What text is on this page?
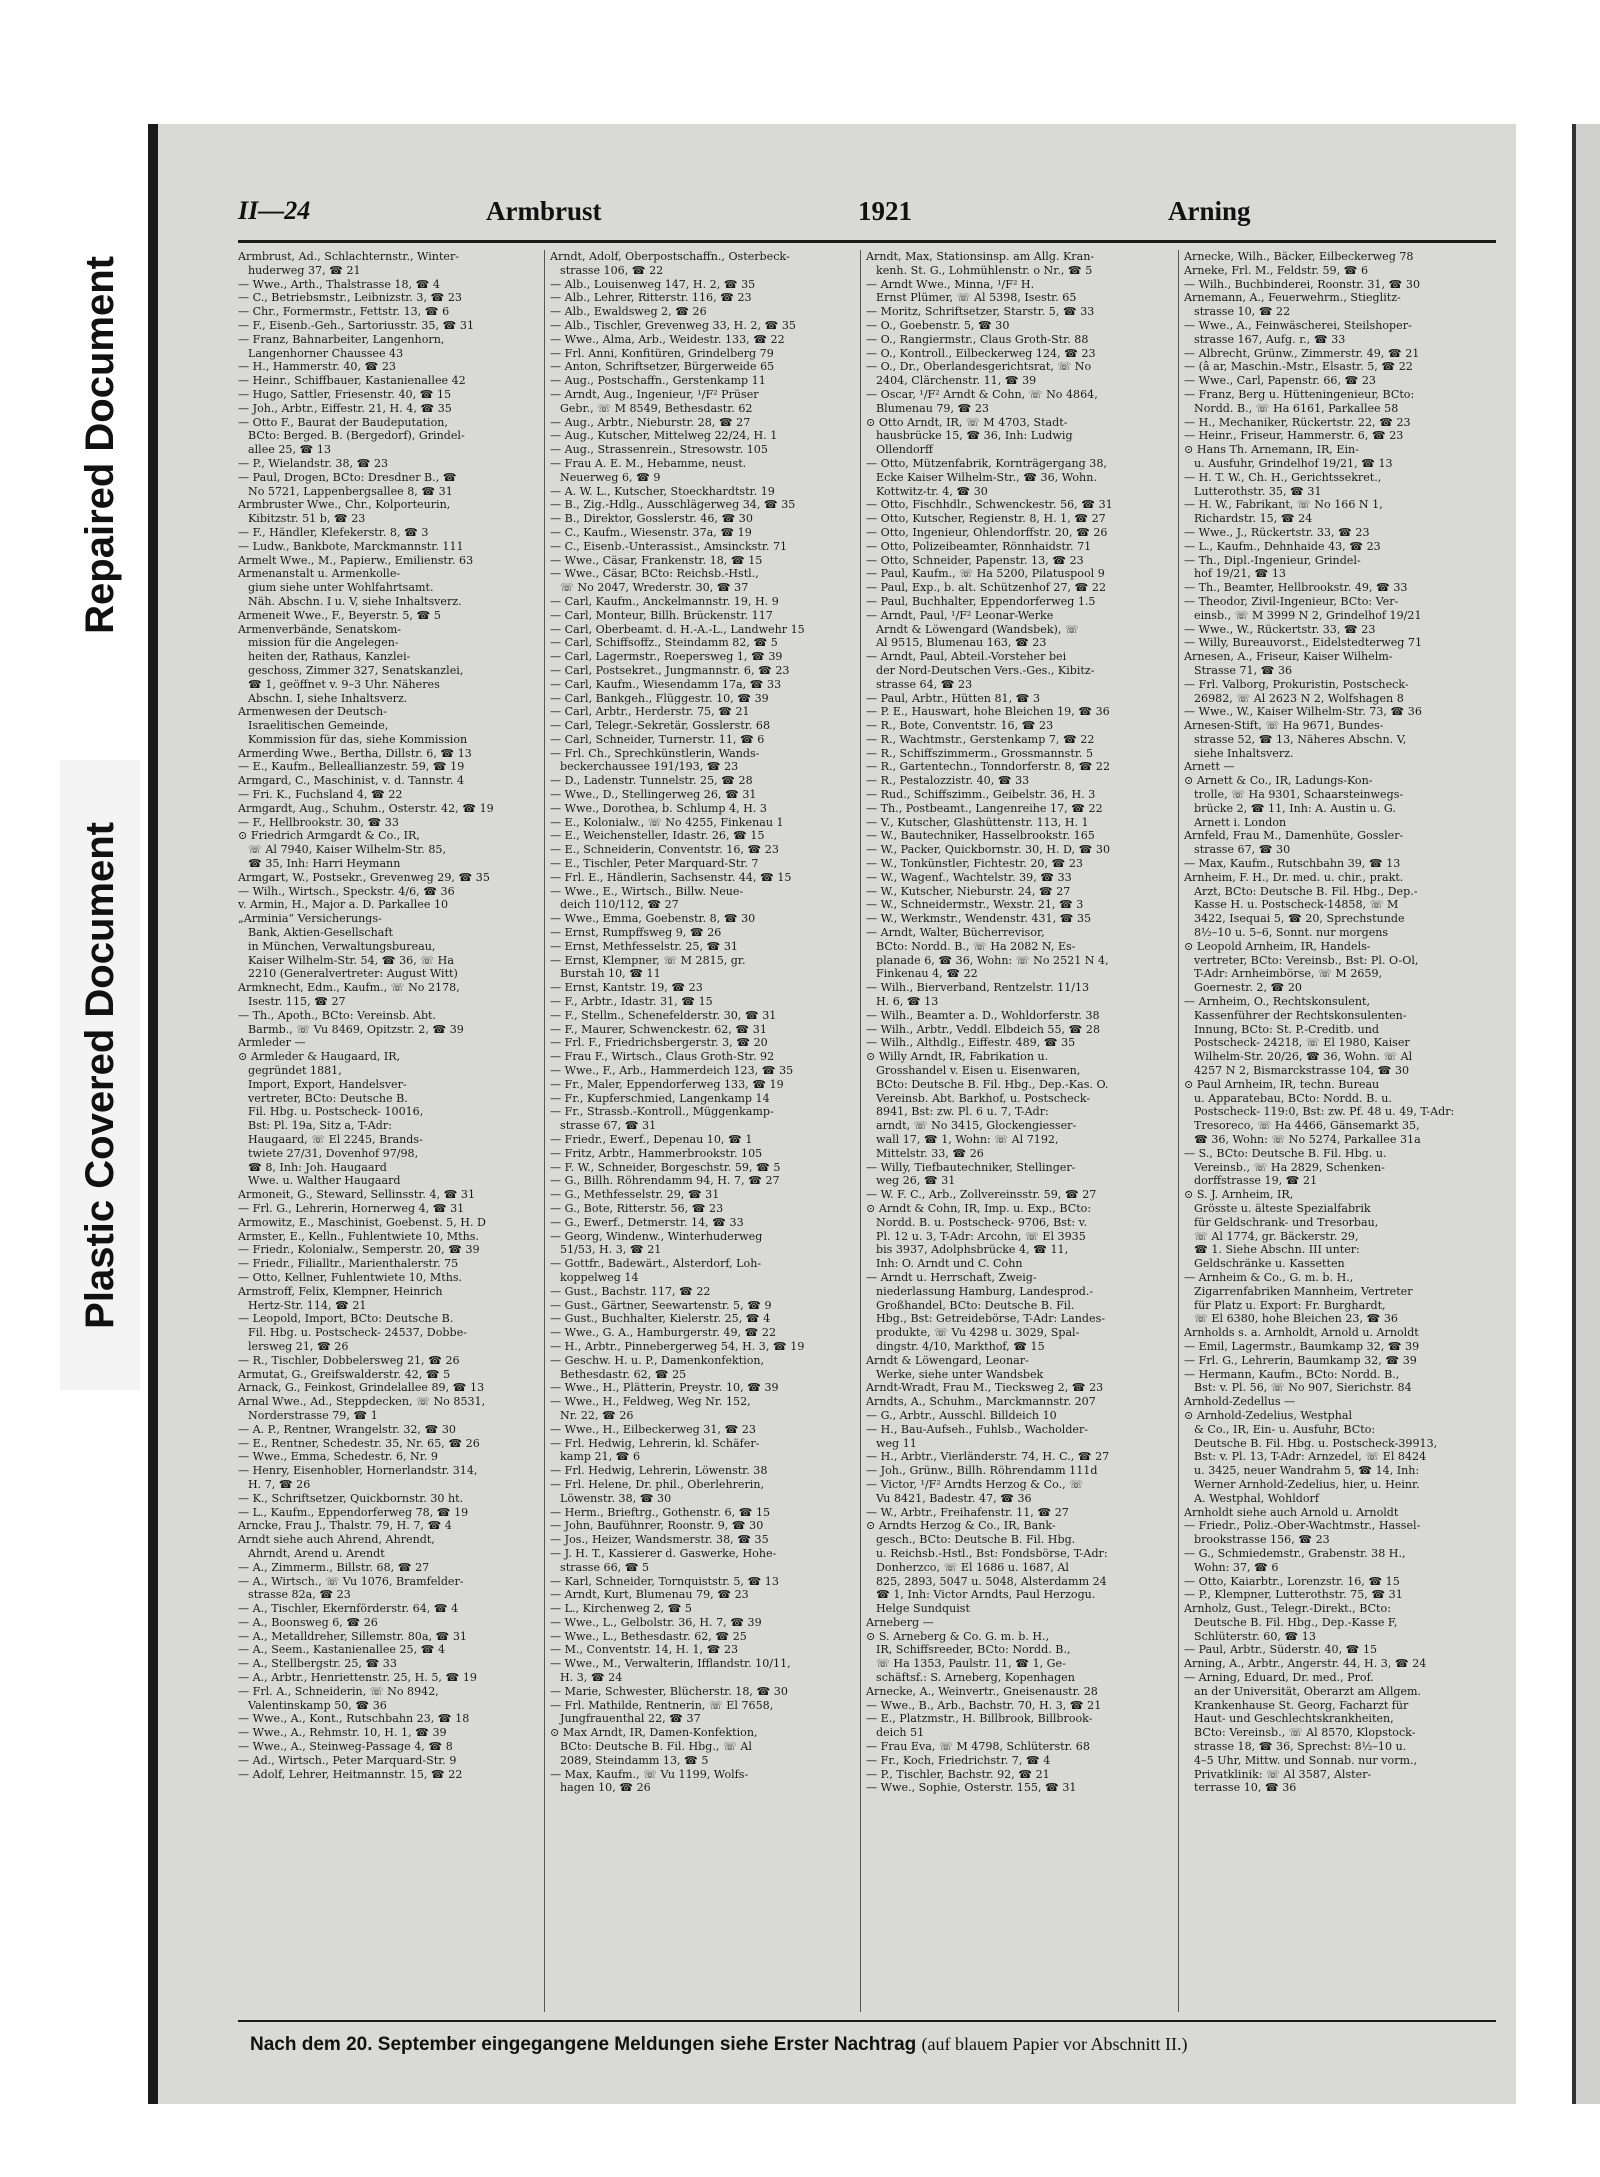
Repaired Document
Plastic Covered Document
II—24	Armbrust	1921	Arning
Armbrust, Ad., Schlachternstr., Winter-
huderweg 37, ☎ 21
— Wwe., Arth., Thalstrasse 18, ☎ 4
— C., Betriebsmstr., Leibnizstr. 3, ☎ 23
— Chr., Formermstr., Fettstr. 13, ☎ 6
— F., Eisenb.-Geh., Sartoriusstr. 35, ☎ 31
— Franz, Bahnarbeiter, Langenhorn,
Langenhorner Chaussee 43
— H., Hammerstr. 40, ☎ 23
— Heinr., Schiffbauer, Kastanienallee 42
— Hugo, Sattler, Friesenstr. 40, ☎ 15
— Joh., Arbtr., Eiffestr. 21, H. 4, ☎ 35
— Otto F., Baurat der Baudeputation,
BCto: Berged. B. (Bergedorf), Grindel-
allee 25, ☎ 13
— P., Wielandstr. 38, ☎ 23
— Paul, Drogen, BCto: Dresdner B., ☎
No 5721, Lappenbergsallee 8, ☎ 31
Armbruster Wwe., Chr., Kolporteurin,
Kibitzstr. 51 b, ☎ 23
— F., Händler, Klefekerstr. 8, ☎ 3
— Ludw., Bankbote, Marckmannstr. 111
Armelt Wwe., M., Papierw., Emilienstr. 63
Armenanstalt u. Armenkolle-
gium siehe unter Wohlfahrtsamt.
Näh. Abschn. I u. V, siehe Inhaltsverz.
Armeneit Wwe., F., Beyerstr. 5, ☎ 5
Armenverbände, Senatskom-
mission für die Angelegen-
heiten der, Rathaus, Kanzlei-
geschoss, Zimmer 327, Senatskanzlei,
☎ 1, geöffnet v. 9–3 Uhr. Näheres
Abschn. I, siehe Inhaltsverz.
Armenwesen der Deutsch-
Israelitischen Gemeinde,
Kommission für das, siehe Kommission
Armerding Wwe., Bertha, Dillstr. 6, ☎ 13
— E., Kaufm., Belleallianzestr. 59, ☎ 19
Armgard, C., Maschinist, v. d. Tannstr. 4
— Fri. K., Fuchsland 4, ☎ 22
Armgardt, Aug., Schuhm., Osterstr. 42, ☎ 19
— F., Hellbrookstr. 30, ☎ 33
⊙ Friedrich Armgardt & Co., IR,
☏ Al 7940, Kaiser Wilhelm-Str. 85,
☎ 35, Inh: Harri Heymann
Armgart, W., Postsekr., Grevenweg 29, ☎ 35
— Wilh., Wirtsch., Speckstr. 4/6, ☎ 36
v. Armin, H., Major a. D. Parkallee 10
„Arminia“ Versicherungs-
Bank, Aktien-Gesellschaft
in München, Verwaltungsbureau,
Kaiser Wilhelm-Str. 54, ☎ 36, ☏ Ha
2210 (Generalvertreter: August Witt)
Armknecht, Edm., Kaufm., ☏ No 2178,
Isestr. 115, ☎ 27
— Th., Apoth., BCto: Vereinsb. Abt.
Barmb., ☏ Vu 8469, Opitzstr. 2, ☎ 39
Armleder —
⊙ Armleder & Haugaard, IR,
gegründet 1881,
Import, Export, Handelsver-
vertreter, BCto: Deutsche B.
Fil. Hbg. u. Postscheck- 10016,
Bst: Pl. 19a, Sitz a, T-Adr:
Haugaard, ☏ El 2245, Brands-
twiete 27/31, Dovenhof 97/98,
☎ 8, Inh: Joh. Haugaard
Wwe. u. Walther Haugaard
Armoneit, G., Steward, Sellinsstr. 4, ☎ 31
— Frl. G., Lehrerin, Hornerweg 4, ☎ 31
Armowitz, E., Maschinist, Goebenst. 5, H. D
Armster, E., Kelln., Fuhlentwiete 10, Mths.
— Friedr., Kolonialw., Semperstr. 20, ☎ 39
— Friedr., Filialltr., Marienthalerstr. 75
— Otto, Kellner, Fuhlentwiete 10, Mths.
Armstroff, Felix, Klempner, Heinrich
Hertz-Str. 114, ☎ 21
— Leopold, Import, BCto: Deutsche B.
Fil. Hbg. u. Postscheck- 24537, Dobbe-
lersweg 21, ☎ 26
— R., Tischler, Dobbelersweg 21, ☎ 26
Armutat, G., Greifswalderstr. 42, ☎ 5
Arnack, G., Feinkost, Grindelallee 89, ☎ 13
Arnal Wwe., Ad., Steppdecken, ☏ No 8531,
Norderstrasse 79, ☎ 1
— A. P., Rentner, Wrangelstr. 32, ☎ 30
— E., Rentner, Schedestr. 35, Nr. 65, ☎ 26
— Wwe., Emma, Schedestr. 6, Nr. 9
— Henry, Eisenhobler, Hornerlandstr. 314,
H. 7, ☎ 26
— K., Schriftsetzer, Quickbornstr. 30 ht.
— L., Kaufm., Eppendorferweg 78, ☎ 19
Arncke, Frau J., Thalstr. 79, H. 7, ☎ 4
Arndt siehe auch Ahrend, Ahrendt,
Ahrndt, Arend u. Arendt
— A., Zimmerm., Billstr. 68, ☎ 27
— A., Wirtsch., ☏ Vu 1076, Bramfelder-
strasse 82a, ☎ 23
— A., Tischler, Ekernförderstr. 64, ☎ 4
— A., Boonsweg 6, ☎ 26
— A., Metalldreher, Sillemstr. 80a, ☎ 31
— A., Seem., Kastanienallee 25, ☎ 4
— A., Stellbergstr. 25, ☎ 33
— A., Arbtr., Henriettenstr. 25, H. 5, ☎ 19
— Frl. A., Schneiderin, ☏ No 8942,
Valentinskamp 50, ☎ 36
— Wwe., A., Kont., Rutschbahn 23, ☎ 18
— Wwe., A., Rehmstr. 10, H. 1, ☎ 39
— Wwe., A., Steinweg-Passage 4, ☎ 8
— Ad., Wirtsch., Peter Marquard-Str. 9
— Adolf, Lehrer, Heitmannstr. 15, ☎ 22
Arndt, Adolf, Oberpostschaffn., Osterbeck-
strasse 106, ☎ 22
— Alb., Louisenweg 147, H. 2, ☎ 35
— Alb., Lehrer, Ritterstr. 116, ☎ 23
— Alb., Ewaldsweg 2, ☎ 26
— Alb., Tischler, Grevenweg 33, H. 2, ☎ 35
— Wwe., Alma, Arb., Weidestr. 133, ☎ 22
— Frl. Anni, Konfitüren, Grindelberg 79
— Anton, Schriftsetzer, Bürgerweide 65
— Aug., Postschaffn., Gerstenkamp 11
— Arndt, Aug., Ingenieur, ¹/F² Prüser
Gebr., ☏ M 8549, Bethesdastr. 62
— Aug., Arbtr., Nieburstr. 28, ☎ 27
— Aug., Kutscher, Mittelweg 22/24, H. 1
— Aug., Strassenrein., Stresowstr. 105
— Frau A. E. M., Hebamme, neust.
Neuerweg 6, ☎ 9
— A. W. L., Kutscher, Stoeckhardtstr. 19
— B., Zig.-Hdlg., Ausschlägerweg 34, ☎ 35
— B., Direktor, Gosslerstr. 46, ☎ 30
— C., Kaufm., Wiesenstr. 37a, ☎ 19
— C., Eisenb.-Unterassist., Amsinckstr. 71
— Wwe., Cäsar, Frankenstr. 18, ☎ 15
— Wwe., Cäsar, BCto: Reichsb.-Hstl.,
☏ No 2047, Wrederstr. 30, ☎ 37
— Carl, Kaufm., Anckelmannstr. 19, H. 9
— Carl, Monteur, Billh. Brückenstr. 117
— Carl, Oberbeamt. d. H.-A.-L., Landwehr 15
— Carl, Schiffsoffz., Steindamm 82, ☎ 5
— Carl, Lagermstr., Roepersweg 1, ☎ 39
— Carl, Postsekret., Jungmannstr. 6, ☎ 23
— Carl, Kaufm., Wiesendamm 17a, ☎ 33
— Carl, Bankgeh., Flüggestr. 10, ☎ 39
— Carl, Arbtr., Herderstr. 75, ☎ 21
— Carl, Telegr.-Sekretär, Gosslerstr. 68
— Carl, Schneider, Turnerstr. 11, ☎ 6
— Frl. Ch., Sprechkünstlerin, Wands-
beckerchaussee 191/193, ☎ 23
— D., Ladenstr. Tunnelstr. 25, ☎ 28
— Wwe., D., Stellingerweg 26, ☎ 31
— Wwe., Dorothea, b. Schlump 4, H. 3
— E., Kolonialw., ☏ No 4255, Finkenau 1
— E., Weichensteller, Idastr. 26, ☎ 15
— E., Schneiderin, Conventstr. 16, ☎ 23
— E., Tischler, Peter Marquard-Str. 7
— Frl. E., Händlerin, Sachsenstr. 44, ☎ 15
— Wwe., E., Wirtsch., Billw. Neue-
deich 110/112, ☎ 27
— Wwe., Emma, Goebenstr. 8, ☎ 30
— Ernst, Rumpffsweg 9, ☎ 26
— Ernst, Methfesselstr. 25, ☎ 31
— Ernst, Klempner, ☏ M 2815, gr.
Burstah 10, ☎ 11
— Ernst, Kantstr. 19, ☎ 23
— F., Arbtr., Idastr. 31, ☎ 15
— F., Stellm., Schenefelderstr. 30, ☎ 31
— F., Maurer, Schwenckestr. 62, ☎ 31
— Frl. F., Friedrichsbergerstr. 3, ☎ 20
— Frau F., Wirtsch., Claus Groth-Str. 92
— Wwe., F., Arb., Hammerdeich 123, ☎ 35
— Fr., Maler, Eppendorferweg 133, ☎ 19
— Fr., Kupferschmied, Langenkamp 14
— Fr., Strassb.-Kontroll., Müggenkamp-
strasse 67, ☎ 31
— Friedr., Ewerf., Depenau 10, ☎ 1
— Fritz, Arbtr., Hammerbrookstr. 105
— F. W., Schneider, Borgeschstr. 59, ☎ 5
— G., Billh. Röhrendamm 94, H. 7, ☎ 27
— G., Methfesselstr. 29, ☎ 31
— G., Bote, Ritterstr. 56, ☎ 23
— G., Ewerf., Detmerstr. 14, ☎ 33
— Georg, Windenw., Winterhuderweg
51/53, H. 3, ☎ 21
— Gottfr., Badewärt., Alsterdorf, Loh-
koppelweg 14
— Gust., Bachstr. 117, ☎ 22
— Gust., Gärtner, Seewartenstr. 5, ☎ 9
— Gust., Buchhalter, Kielerstr. 25, ☎ 4
— Wwe., G. A., Hamburgerstr. 49, ☎ 22
— H., Arbtr., Pinnebergerweg 54, H. 3, ☎ 19
— Geschw. H. u. P., Damenkonfektion,
Bethesdastr. 62, ☎ 25
— Wwe., H., Plätterin, Preystr. 10, ☎ 39
— Wwe., H., Feldweg, Weg Nr. 152,
Nr. 22, ☎ 26
— Wwe., H., Eilbeckerweg 31, ☎ 23
— Frl. Hedwig, Lehrerin, kl. Schäfer-
kamp 21, ☎ 6
— Frl. Hedwig, Lehrerin, Löwenstr. 38
— Frl. Helene, Dr. phil., Oberlehrerin,
Löwenstr. 38, ☎ 30
— Herm., Brieftrg., Gothenstr. 6, ☎ 15
— John, Baufühnrer, Roonstr. 9, ☎ 30
— Jos., Heizer, Wandsmerstr. 38, ☎ 35
— J. H. T., Kassierer d. Gaswerke, Hohe-
strasse 66, ☎ 5
— Karl, Schneider, Tornquiststr. 5, ☎ 13
— Arndt, Kurt, Blumenau 79, ☎ 23
— L., Kirchenweg 2, ☎ 5
— Wwe., L., Gelbolstr. 36, H. 7, ☎ 39
— Wwe., L., Bethesdastr. 62, ☎ 25
— M., Conventstr. 14, H. 1, ☎ 23
— Wwe., M., Verwalterin, Ifflandstr. 10/11,
H. 3, ☎ 24
— Marie, Schwester, Blücherstr. 18, ☎ 30
— Frl. Mathilde, Rentnerin, ☏ El 7658,
Jungfrauenthal 22, ☎ 37
⊙ Max Arndt, IR, Damen-Konfektion,
BCto: Deutsche B. Fil. Hbg., ☏ Al
2089, Steindamm 13, ☎ 5
— Max, Kaufm., ☏ Vu 1199, Wolfs-
hagen 10, ☎ 26
Arndt, Max, Stationsinsp. am Allg. Kran-
kenh. St. G., Lohmühlenstr. o Nr., ☎ 5
— Arndt Wwe., Minna, ¹/F² H.
Ernst Plümer, ☏ Al 5398, Isestr. 65
— Moritz, Schriftsetzer, Starstr. 5, ☎ 33
— O., Goebenstr. 5, ☎ 30
— O., Rangiermstr., Claus Groth-Str. 88
— O., Kontroll., Eilbeckerweg 124, ☎ 23
— O., Dr., Oberlandesgerichtsrat, ☏ No
2404, Clärchenstr. 11, ☎ 39
— Oscar, ¹/F² Arndt & Cohn, ☏ No 4864,
Blumenau 79, ☎ 23
⊙ Otto Arndt, IR, ☏ M 4703, Stadt-
hausbrücke 15, ☎ 36, Inh: Ludwig
Ollendorff
— Otto, Mützenfabrik, Kornträgergang 38,
Ecke Kaiser Wilhelm-Str., ☎ 36, Wohn.
Kottwitz-tr. 4, ☎ 30
— Otto, Fischhdlr., Schwenckestr. 56, ☎ 31
— Otto, Kutscher, Regienstr. 8, H. 1, ☎ 27
— Otto, Ingenieur, Ohlendorffstr. 20, ☎ 26
— Otto, Polizeibeamter, Rönnhaidstr. 71
— Otto, Schneider, Papenstr. 13, ☎ 23
— Paul, Kaufm., ☏ Ha 5200, Pilatuspool 9
— Paul, Exp., b. alt. Schützenhof 27, ☎ 22
— Paul, Buchhalter, Eppendorferweg 1.5
— Arndt, Paul, ¹/F² Leonar-Werke
Arndt & Löwengard (Wandsbek), ☏
Al 9515, Blumenau 163, ☎ 23
— Arndt, Paul, Abteil.-Vorsteher bei
der Nord-Deutschen Vers.-Ges., Kibitz-
strasse 64, ☎ 23
— Paul, Arbtr., Hütten 81, ☎ 3
— P. E., Hauswart, hohe Bleichen 19, ☎ 36
— R., Bote, Conventstr. 16, ☎ 23
— R., Wachtmstr., Gerstenkamp 7, ☎ 22
— R., Schiffszimmerm., Grossmannstr. 5
— R., Gartentechn., Tonndorferstr. 8, ☎ 22
— R., Pestalozzistr. 40, ☎ 33
— Rud., Schiffszimm., Geibelstr. 36, H. 3
— Th., Postbeamt., Langenreihe 17, ☎ 22
— V., Kutscher, Glashüttenstr. 113, H. 1
— W., Bautechniker, Hasselbrookstr. 165
— W., Packer, Quickbornstr. 30, H. D, ☎ 30
— W., Tonkünstler, Fichtestr. 20, ☎ 23
— W., Wagenf., Wachtelstr. 39, ☎ 33
— W., Kutscher, Nieburstr. 24, ☎ 27
— W., Schneidermstr., Wexstr. 21, ☎ 3
— W., Werkmstr., Wendenstr. 431, ☎ 35
— Arndt, Walter, Bücherrevisor,
BCto: Nordd. B., ☏ Ha 2082 N, Es-
planade 6, ☎ 36, Wohn: ☏ No 2521 N 4,
Finkenau 4, ☎ 22
— Wilh., Bierverband, Rentzelstr. 11/13
H. 6, ☎ 13
— Wilh., Beamter a. D., Wohldorferstr. 38
— Wilh., Arbtr., Veddl. Elbdeich 55, ☎ 28
— Wilh., Althdlg., Eiffestr. 489, ☎ 35
⊙ Willy Arndt, IR, Fabrikation u.
Grosshandel v. Eisen u. Eisenwaren,
BCto: Deutsche B. Fil. Hbg., Dep.-Kas. O.
Vereinsb. Abt. Barkhof, u. Postscheck-
8941, Bst: zw. Pl. 6 u. 7, T-Adr:
arndt, ☏ No 3415, Glockengiesser-
wall 17, ☎ 1, Wohn: ☏ Al 7192,
Mittelstr. 33, ☎ 26
— Willy, Tiefbautechniker, Stellinger-
weg 26, ☎ 31
— W. F. C., Arb., Zollvereinsstr. 59, ☎ 27
⊙ Arndt & Cohn, IR, Imp. u. Exp., BCto:
Nordd. B. u. Postscheck- 9706, Bst: v.
Pl. 12 u. 3, T-Adr: Arcohn, ☏ El 3935
bis 3937, Adolphsbrücke 4, ☎ 11,
Inh: O. Arndt und C. Cohn
— Arndt u. Herrschaft, Zweig-
niederlassung Hamburg, Landesprod.-
Großhandel, BCto: Deutsche B. Fil.
Hbg., Bst: Getreidebörse, T-Adr: Landes-
produkte, ☏ Vu 4298 u. 3029, Spal-
dingstr. 4/10, Markthof, ☎ 15
Arndt & Löwengard, Leonar-
Werke, siehe unter Wandsbek
Arndt-Wradt, Frau M., Tiecksweg 2, ☎ 23
Arndts, A., Schuhm., Marckmannstr. 207
— G., Arbtr., Ausschl. Billdeich 10
— H., Bau-Aufseh., Fuhlsb., Wacholder-
weg 11
— H., Arbtr., Vierländerstr. 74, H. C., ☎ 27
— Joh., Grünw., Billh. Röhrendamm 111d
— Victor, ¹/F² Arndts Herzog & Co., ☏
Vu 8421, Badestr. 47, ☎ 36
— W., Arbtr., Freihafenstr. 11, ☎ 27
⊙ Arndts Herzog & Co., IR, Bank-
gesch., BCto: Deutsche B. Fil. Hbg.
u. Reichsb.-Hstl., Bst: Fondsbörse, T-Adr:
Donherzco, ☏ El 1686 u. 1687, Al
825, 2893, 5047 u. 5048, Alsterdamm 24
☎ 1, Inh: Victor Arndts, Paul Herzogu.
Helge Sundquist
Arneberg —
⊙ S. Arneberg & Co. G. m. b. H.,
IR, Schiffsreeder, BCto: Nordd. B.,
☏ Ha 1353, Paulstr. 11, ☎ 1, Ge-
schäftsf.: S. Arneberg, Kopenhagen
Arnecke, A., Weinvertr., Gneisenaustr. 28
— Wwe., B., Arb., Bachstr. 70, H. 3, ☎ 21
— E., Platzmstr., H. Billbrook, Billbrook-
deich 51
— Frau Eva, ☏ M 4798, Schlüterstr. 68
— Fr., Koch, Friedrichstr. 7, ☎ 4
— P., Tischler, Bachstr. 92, ☎ 21
— Wwe., Sophie, Osterstr. 155, ☎ 31
Arnecke, Wilh., Bäcker, Eilbeckerweg 78
Arneke, Frl. M., Feldstr. 59, ☎ 6
— Wilh., Buchbinderei, Roonstr. 31, ☎ 30
Arnemann, A., Feuerwehrm., Stieglitz-
strasse 10, ☎ 22
— Wwe., A., Feinwäscherei, Steilshoper-
strasse 167, Aufg. r., ☎ 33
— Albrecht, Grünw., Zimmerstr. 49, ☎ 21
— (â ar, Maschin.-Mstr., Elsastr. 5, ☎ 22
— Wwe., Carl, Papenstr. 66, ☎ 23
— Franz, Berg u. Hütteningenieur, BCto:
Nordd. B., ☏ Ha 6161, Parkallee 58
— H., Mechaniker, Rückertstr. 22, ☎ 23
— Heinr., Friseur, Hammerstr. 6, ☎ 23
⊙ Hans Th. Arnemann, IR, Ein-
u. Ausfuhr, Grindelhof 19/21, ☎ 13
— H. T. W., Ch. H., Gerichtssekret.,
Lutterothstr. 35, ☎ 31
— H. W., Fabrikant, ☏ No 166 N 1,
Richardstr. 15, ☎ 24
— Wwe., J., Rückertstr. 33, ☎ 23
— L., Kaufm., Dehnhaide 43, ☎ 23
— Th., Dipl.-Ingenieur, Grindel-
hof 19/21, ☎ 13
— Th., Beamter, Hellbrookstr. 49, ☎ 33
— Theodor, Zivil-Ingenieur, BCto: Ver-
einsb., ☏ M 3999 N 2, Grindelhof 19/21
— Wwe., W., Rückertstr. 33, ☎ 23
— Willy, Bureauvorst., Eidelstedterweg 71
Arnesen, A., Friseur, Kaiser Wilhelm-
Strasse 71, ☎ 36
— Frl. Valborg, Prokuristin, Postscheck-
26982, ☏ Al 2623 N 2, Wolfshagen 8
— Wwe., W., Kaiser Wilhelm-Str. 73, ☎ 36
Arnesen-Stift, ☏ Ha 9671, Bundes-
strasse 52, ☎ 13, Näheres Abschn. V,
siehe Inhaltsverz.
Arnett —
⊙ Arnett & Co., IR, Ladungs-Kon-
trolle, ☏ Ha 9301, Schaarsteinwegs-
brücke 2, ☎ 11, Inh: A. Austin u. G.
Arnett i. London
Arnfeld, Frau M., Damenhüte, Gossler-
strasse 67, ☎ 30
— Max, Kaufm., Rutschbahn 39, ☎ 13
Arnheim, F. H., Dr. med. u. chir., prakt.
Arzt, BCto: Deutsche B. Fil. Hbg., Dep.-
Kasse H. u. Postscheck-14858, ☏ M
3422, Isequai 5, ☎ 20, Sprechstunde
8½–10 u. 5–6, Sonnt. nur morgens
⊙ Leopold Arnheim, IR, Handels-
vertreter, BCto: Vereinsb., Bst: Pl. O-Ol,
T-Adr: Arnheimbörse, ☏ M 2659,
Goernestr. 2, ☎ 20
— Arnheim, O., Rechtskonsulent,
Kassenführer der Rechtskonsulenten-
Innung, BCto: St. P.-Creditb. und
Postscheck- 24218, ☏ El 1980, Kaiser
Wilhelm-Str. 20/26, ☎ 36, Wohn. ☏ Al
4257 N 2, Bismarckstrasse 104, ☎ 30
⊙ Paul Arnheim, IR, techn. Bureau
u. Apparatebau, BCto: Nordd. B. u.
Postscheck- 119:0, Bst: zw. Pf. 48 u. 49, T-Adr:
Tresoreco, ☏ Ha 4466, Gänsemarkt 35,
☎ 36, Wohn: ☏ No 5274, Parkallee 31a
— S., BCto: Deutsche B. Fil. Hbg. u.
Vereinsb., ☏ Ha 2829, Schenken-
dorffstrasse 19, ☎ 21
⊙ S. J. Arnheim, IR,
Grösste u. älteste Spezialfabrik
für Geldschrank- und Tresorbau,
☏ Al 1774, gr. Bäckerstr. 29,
☎ 1. Siehe Abschn. III unter:
Geldschränke u. Kassetten
— Arnheim & Co., G. m. b. H.,
Zigarrenfabriken Mannheim, Vertreter
für Platz u. Export: Fr. Burghardt,
☏ El 6380, hohe Bleichen 23, ☎ 36
Arnholds s. a. Arnholdt, Arnold u. Arnoldt
— Emil, Lagermstr., Baumkamp 32, ☎ 39
— Frl. G., Lehrerin, Baumkamp 32, ☎ 39
— Hermann, Kaufm., BCto: Nordd. B.,
Bst: v. Pl. 56, ☏ No 907, Sierichstr. 84
Arnhold-Zedellus —
⊙ Arnhold-Zedelius, Westphal
& Co., IR, Ein- u. Ausfuhr, BCto:
Deutsche B. Fil. Hbg. u. Postscheck-39913,
Bst: v. Pl. 13, T-Adr: Arnzedel, ☏ El 8424
u. 3425, neuer Wandrahm 5, ☎ 14, Inh:
Werner Arnhold-Zedelius, hier, u. Heinr.
A. Westphal, Wohldorf
Arnholdt siehe auch Arnold u. Arnoldt
— Friedr., Poliz.-Ober-Wachtmstr., Hassel-
brookstrasse 156, ☎ 23
— G., Schmiedemstr., Grabenstr. 38 H.,
Wohn: 37, ☎ 6
— Otto, Kaiarbtr., Lorenzstr. 16, ☎ 15
— P., Klempner, Lutterothstr. 75, ☎ 31
Arnholz, Gust., Telegr.-Direkt., BCto:
Deutsche B. Fil. Hbg., Dep.-Kasse F,
Schlüterstr. 60, ☎ 13
— Paul, Arbtr., Süderstr. 40, ☎ 15
Arning, A., Arbtr., Angerstr. 44, H. 3, ☎ 24
— Arning, Eduard, Dr. med., Prof.
an der Universität, Oberarzt am Allgem.
Krankenhause St. Georg, Facharzt für
Haut- und Geschlechtskrankheiten,
BCto: Vereinsb., ☏ Al 8570, Klopstock-
strasse 18, ☎ 36, Sprechst: 8½–10 u.
4–5 Uhr, Mittw. und Sonnab. nur vorm.,
Privatklinik: ☏ Al 3587, Alster-
terrasse 10, ☎ 36
Nach dem 20. September eingegangene Meldungen siehe Erster Nachtrag (auf blauem Papier vor Abschnitt II.)
